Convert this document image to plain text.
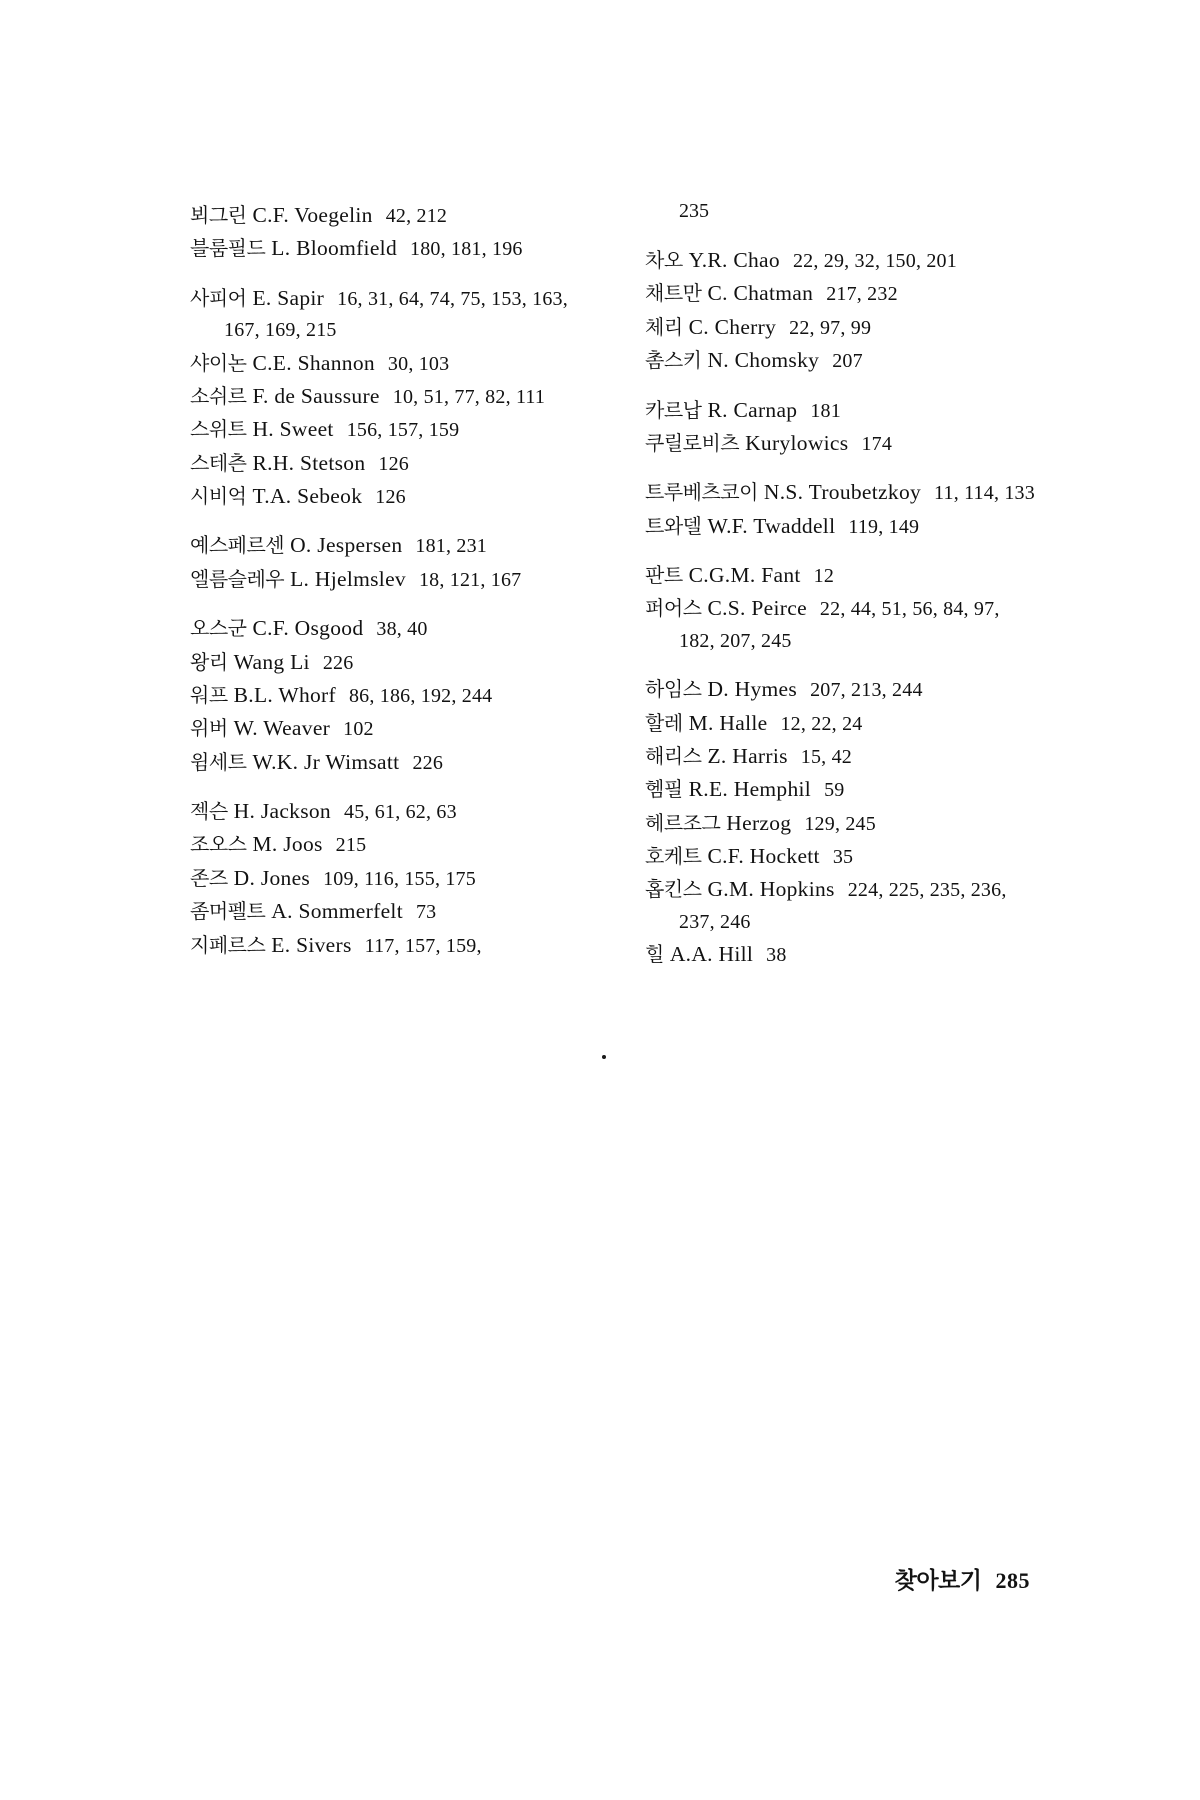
뵈그린 C.F. Voegelin 42, 212
블룸필드 L. Bloomfield 180, 181, 196
사피어 E. Sapir 16, 31, 64, 74, 75, 153, 163, 167, 169, 215
샤이논 C.E. Shannon 30, 103
소쉬르 F. de Saussure 10, 51, 77, 82, 111
스위트 H. Sweet 156, 157, 159
스테츤 R.H. Stetson 126
시비억 T.A. Sebeok 126
예스페르센 O. Jespersen 181, 231
엘름슬레우 L. Hjelmslev 18, 121, 167
오스군 C.F. Osgood 38, 40
왕리 Wang Li 226
워프 B.L. Whorf 86, 186, 192, 244
위버 W. Weaver 102
윔세트 W.K. Jr Wimsatt 226
젝슨 H. Jackson 45, 61, 62, 63
조오스 M. Joos 215
존즈 D. Jones 109, 116, 155, 175
좀머펠트 A. Sommerfelt 73
지페르스 E. Sivers 117, 157, 159,
235
차오 Y.R. Chao 22, 29, 32, 150, 201
채트만 C. Chatman 217, 232
체리 C. Cherry 22, 97, 99
촘스키 N. Chomsky 207
카르납 R. Carnap 181
쿠릴로비츠 Kurylowics 174
트루베츠코이 N.S. Troubetzkoy 11, 114, 133
트와델 W.F. Twaddell 119, 149
판트 C.G.M. Fant 12
퍼어스 C.S. Peirce 22, 44, 51, 56, 84, 97, 182, 207, 245
하임스 D. Hymes 207, 213, 244
할레 M. Halle 12, 22, 24
해리스 Z. Harris 15, 42
헴필 R.E. Hemphil 59
헤르조그 Herzog 129, 245
호케트 C.F. Hockett 35
홉킨스 G.M. Hopkins 224, 225, 235, 236, 237, 246
힐 A.A. Hill 38
찾아보기 285
